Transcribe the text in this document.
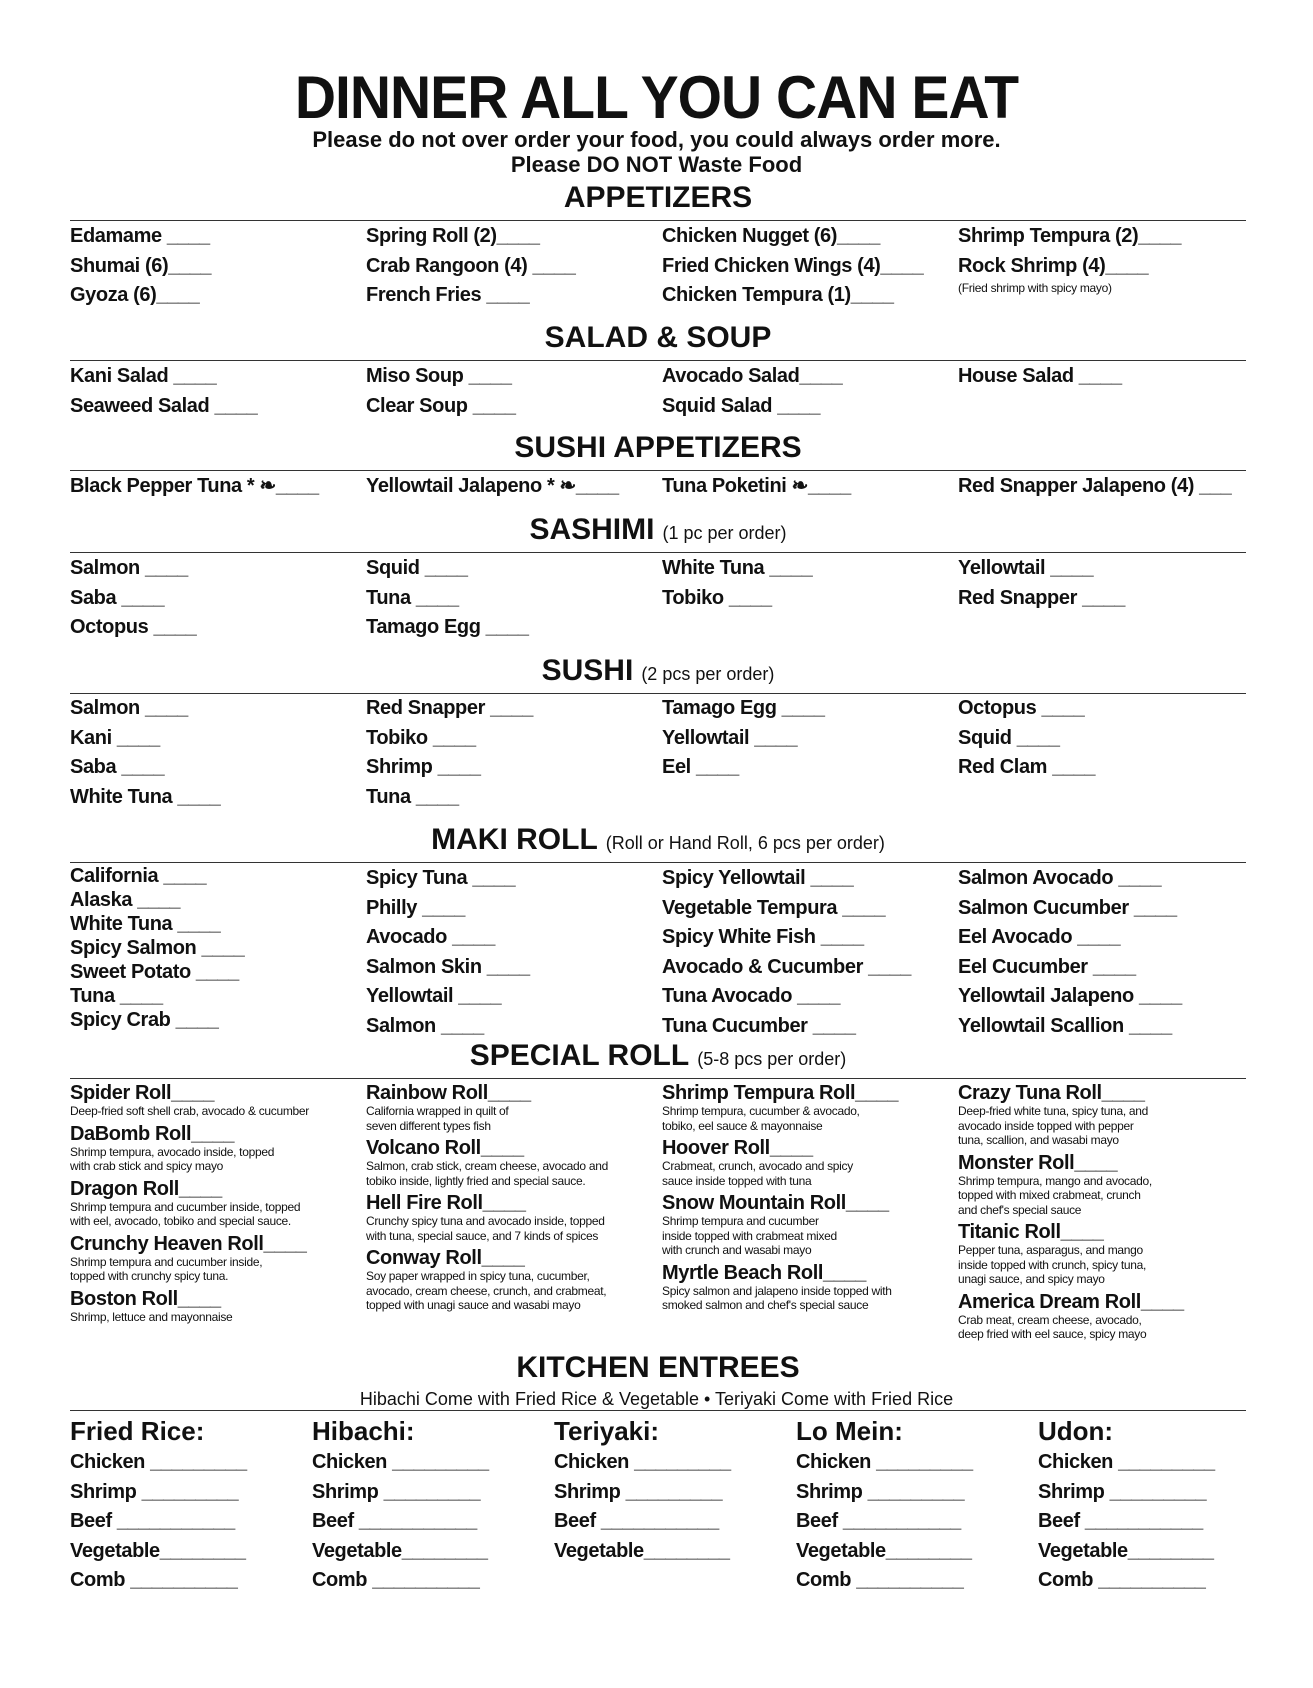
DINNER ALL YOU CAN EAT
Please do not over order your food, you could always order more.
Please DO NOT Waste Food
APPETIZERS
Edamame ____
Shumai (6)____
Gyoza (6)____
Spring Roll (2)____
Crab Rangoon (4) ____
French Fries ____
Chicken Nugget (6)____
Fried Chicken Wings (4)____
Chicken Tempura (1)____
Shrimp Tempura (2)____
Rock Shrimp (4)____
(Fried shrimp with spicy mayo)
SALAD & SOUP
Kani Salad ____
Seaweed Salad ____
Miso Soup ____
Clear Soup ____
Avocado Salad____
Squid Salad ____
House Salad ____
SUSHI APPETIZERS
Black Pepper Tuna * ❧____ Yellowtail Jalapeno * ❧____ Tuna Poketini ❧____	Red Snapper Jalapeno (4) ___
SASHIMI (1 pc per order)
Salmon ____
Saba ____
Octopus ____
Squid ____
Tuna ____
Tamago Egg ____
White Tuna ____
Tobiko ____
Yellowtail ____
Red Snapper ____
SUSHI (2 pcs per order)
Salmon ____
Kani ____
Saba ____
White Tuna ____
Red Snapper ____
Tobiko ____
Shrimp ____
Tuna ____
Tamago Egg ____
Yellowtail ____
Eel ____
Octopus ____
Squid ____
Red Clam ____
MAKI ROLL (Roll or Hand Roll, 6 pcs per order)
California ____
Alaska ____
White Tuna ____
Spicy Salmon ____
Sweet Potato ____
Tuna ____
Spicy Crab ____
Spicy Tuna ____
Philly ____
Avocado ____
Salmon Skin ____
Yellowtail ____
Salmon ____
Spicy Yellowtail ____
Vegetable Tempura ____
Spicy White Fish ____
Avocado & Cucumber ____
Tuna Avocado ____
Tuna Cucumber ____
Salmon Avocado ____
Salmon Cucumber ____
Eel Avocado ____
Eel Cucumber ____
Yellowtail Jalapeno ____
Yellowtail Scallion ____
SPECIAL ROLL (5-8 pcs per order)
Spider Roll____
Deep-fried soft shell crab, avocado & cucumber
DaBomb Roll____
Shrimp tempura, avocado inside, topped
with crab stick and spicy mayo
Dragon Roll____
Shrimp tempura and cucumber inside, topped
with eel, avocado, tobiko and special sauce.
Crunchy Heaven Roll____
Shrimp tempura and cucumber inside,
topped with crunchy spicy tuna.
Boston Roll____
Shrimp, lettuce and mayonnaise
Rainbow Roll____
California wrapped in quilt of
seven different types fish
Volcano Roll____
Salmon, crab stick, cream cheese, avocado and
tobiko inside, lightly fried and special sauce.
Hell Fire Roll____
Crunchy spicy tuna and avocado inside, topped
with tuna, special sauce, and 7 kinds of spices
Conway Roll____
Soy paper wrapped in spicy tuna, cucumber,
avocado, cream cheese, crunch, and crabmeat,
topped with unagi sauce and wasabi mayo
Shrimp Tempura Roll____
Shrimp tempura, cucumber & avocado,
tobiko, eel sauce & mayonnaise
Hoover Roll____
Crabmeat, crunch, avocado and spicy
sauce inside topped with tuna
Snow Mountain Roll____
Shrimp tempura and cucumber
inside topped with crabmeat mixed
with crunch and wasabi mayo
Myrtle Beach Roll____
Spicy salmon and jalapeno inside topped with
smoked salmon and chef's special sauce
Crazy Tuna Roll____
Deep-fried white tuna, spicy tuna, and
avocado inside topped with pepper
tuna, scallion, and wasabi mayo
Monster Roll____
Shrimp tempura, mango and avocado,
topped with mixed crabmeat, crunch
and chef's special sauce
Titanic Roll____
Pepper tuna, asparagus, and mango
inside topped with crunch, spicy tuna,
unagi sauce, and spicy mayo
America Dream Roll____
Crab meat, cream cheese, avocado,
deep fried with eel sauce, spicy mayo
KITCHEN ENTREES
Hibachi Come with Fried Rice & Vegetable • Teriyaki Come with Fried Rice
Fried Rice:
Chicken _________
Shrimp _________
Beef ___________
Vegetable________
Comb __________
Hibachi:
Chicken _________
Shrimp _________
Beef ___________
Vegetable________
Comb __________
Teriyaki:
Chicken _________
Shrimp _________
Beef ___________
Vegetable________
Lo Mein:
Chicken _________
Shrimp _________
Beef ___________
Vegetable________
Comb __________
Udon:
Chicken _________
Shrimp _________
Beef ___________
Vegetable________
Comb __________
